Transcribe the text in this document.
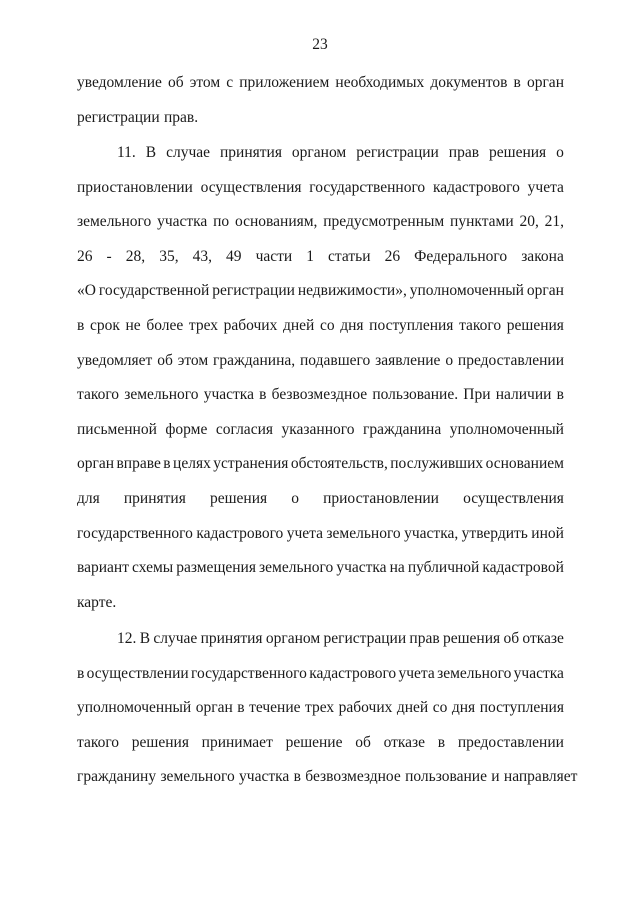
23
уведомление об этом с приложением необходимых документов в орган
регистрации прав.
11. В случае принятия органом регистрации прав решения о
приостановлении осуществления государственного кадастрового учета
земельного участка по основаниям, предусмотренным пунктами 20, 21,
26 - 28, 35, 43, 49 части 1 статьи 26 Федерального закона
«О государственной регистрации недвижимости», уполномоченный орган
в срок не более трех рабочих дней со дня поступления такого решения
уведомляет об этом гражданина, подавшего заявление о предоставлении
такого земельного участка в безвозмездное пользование. При наличии в
письменной форме согласия указанного гражданина уполномоченный
орган вправе в целях устранения обстоятельств, послуживших основанием
для принятия решения о приостановлении осуществления
государственного кадастрового учета земельного участка, утвердить иной
вариант схемы размещения земельного участка на публичной кадастровой
карте.
12. В случае принятия органом регистрации прав решения об отказе
в осуществлении государственного кадастрового учета земельного участка
уполномоченный орган в течение трех рабочих дней со дня поступления
такого решения принимает решение об отказе в предоставлении
гражданину земельного участка в безвозмездное пользование и направляет
